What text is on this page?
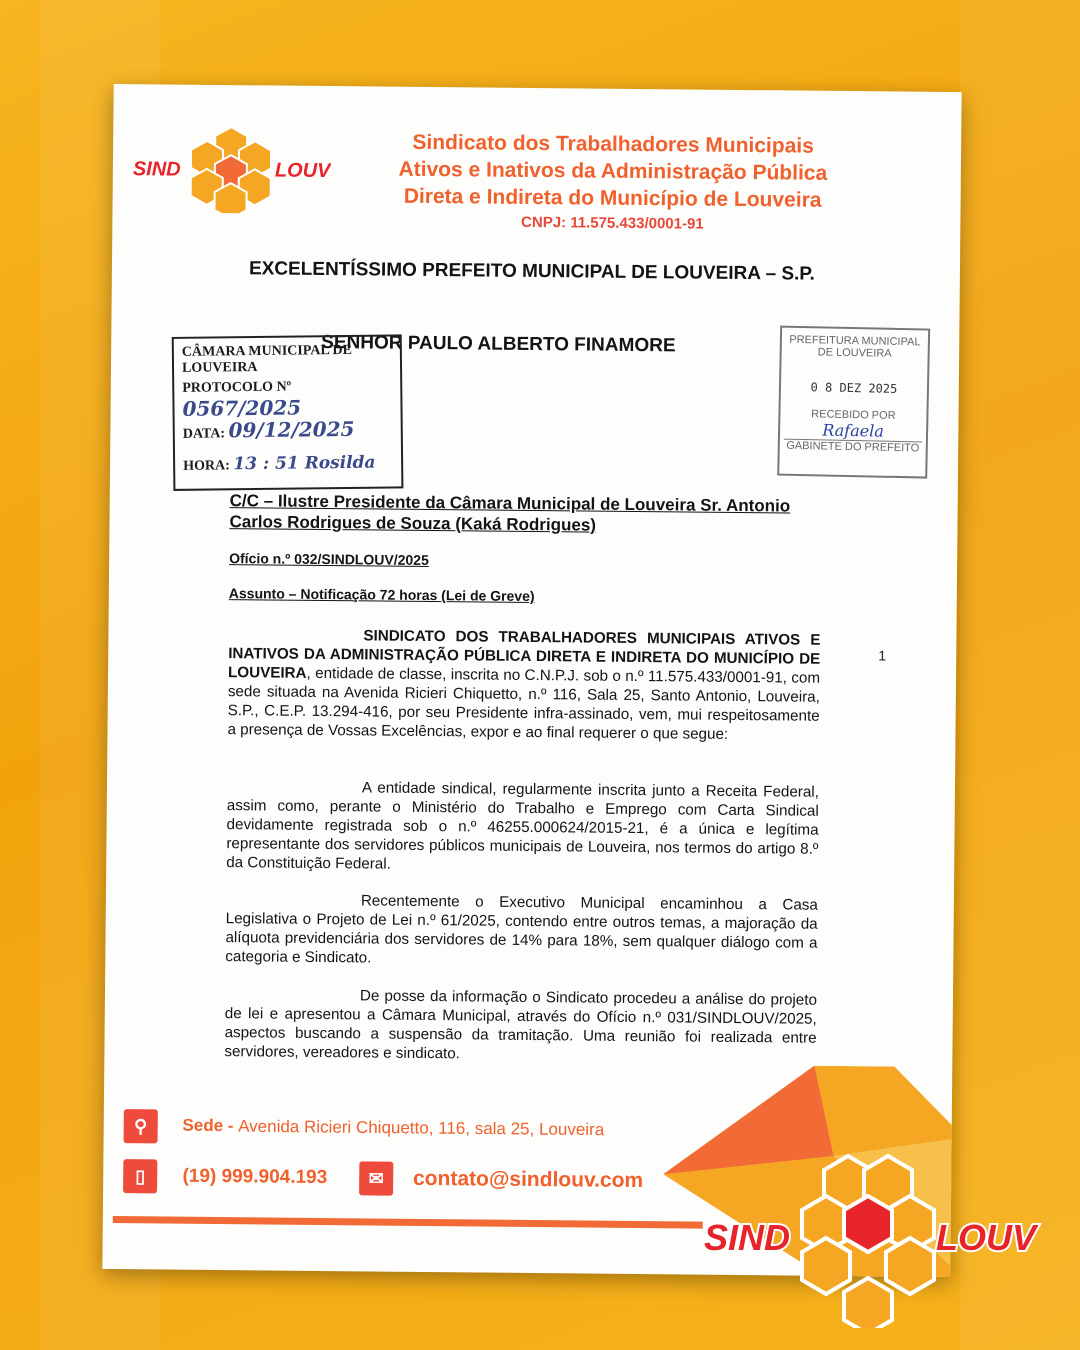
SIND	LOUV
Sindicato dos Trabalhadores Municipais
Ativos e Inativos da Administração Pública
Direta e Indireta do Município de Louveira
CNPJ: 11.575.433/0001-91
EXCELENTÍSSIMO PREFEITO MUNICIPAL DE LOUVEIRA – S.P.
SENHOR PAULO ALBERTO FINAMORE
CÂMARA MUNICIPAL DE LOUVEIRA
PROTOCOLO Nº 0567/2025
DATA: 09/12/2025
HORA: 13 : 51 Rosilda
PREFEITURA MUNICIPAL
DE LOUVEIRA
0 8 DEZ 2025
RECEBIDO POR
Rafaela
GABINETE DO PREFEITO
C/C – Ilustre Presidente da Câmara Municipal de Louveira Sr. Antonio Carlos Rodrigues de Souza (Kaká Rodrigues)
Ofício n.º 032/SINDLOUV/2025
Assunto – Notificação 72 horas (Lei de Greve)
1
SINDICATO DOS TRABALHADORES MUNICIPAIS ATIVOS E INATIVOS DA ADMINISTRAÇÃO PÚBLICA DIRETA E INDIRETA DO MUNICÍPIO DE LOUVEIRA, entidade de classe, inscrita no C.N.P.J. sob o n.º 11.575.433/0001-91, com sede situada na Avenida Ricieri Chiquetto, n.º 116, Sala 25, Santo Antonio, Louveira, S.P., C.E.P. 13.294-416, por seu Presidente infra-assinado, vem, mui respeitosamente a presença de Vossas Excelências, expor e ao final requerer o que segue:
A entidade sindical, regularmente inscrita junto a Receita Federal, assim como, perante o Ministério do Trabalho e Emprego com Carta Sindical devidamente registrada sob o n.º 46255.000624/2015-21, é a única e legítima representante dos servidores públicos municipais de Louveira, nos termos do artigo 8.º da Constituição Federal.
Recentemente o Executivo Municipal encaminhou a Casa Legislativa o Projeto de Lei n.º 61/2025, contendo entre outros temas, a majoração da alíquota previdenciária dos servidores de 14% para 18%, sem qualquer diálogo com a categoria e Sindicato.
De posse da informação o Sindicato procedeu a análise do projeto de lei e apresentou a Câmara Municipal, através do Ofício n.º 031/SINDLOUV/2025, aspectos buscando a suspensão da tramitação. Uma reunião foi realizada entre servidores, vereadores e sindicato.
⚲ Sede - Avenida Ricieri Chiquetto, 116, sala 25, Louveira
▯ (19) 999.904.193	✉ contato@sindlouv.com
SIND	LOUV
